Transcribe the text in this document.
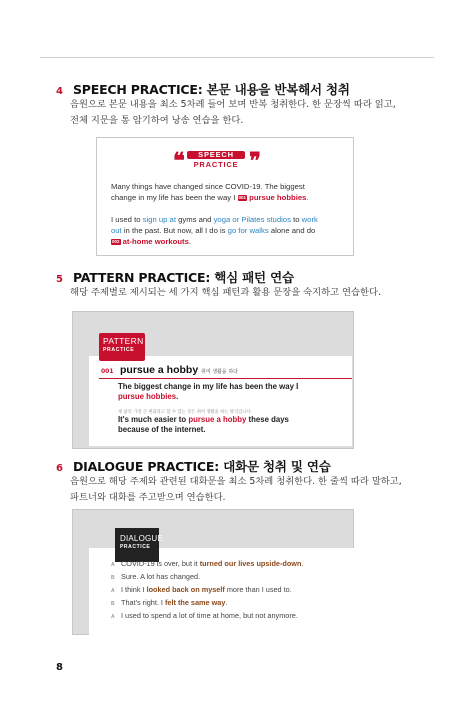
4 SPEECH PRACTICE: 본문 내용을 반복해서 청취
음원으로 본문 내용을 최소 5차례 들어 보며 반복 청취한다. 한 문장씩 따라 읽고, 전체 지문을 통 암기하여 낭송 연습을 한다.
❝	SPEECH
PRACTICE ❞
Many things have changed since COVID-19. The biggest change in my life has been the way I 001 pursue hobbies.
I used to sign up at gyms and yoga or Pilates studios to work out in the past. But now, all I do is go for walks alone and do 002 at-home workouts.
5 PATTERN PRACTICE: 핵심 패턴 연습
해당 주제별로 제시되는 세 가지 핵심 패턴과 활용 문장을 숙지하고 연습한다.
PATTERN
PRACTICE
001 pursue a hobby 취미 생활을 하다
The biggest change in my life has been the way I pursue hobbies.
제 삶의 가장 큰 변화라고 할 수 있는 것은 취미 생활을 하는 방식입니다.
It's much easier to pursue a hobby these days because of the internet.
6 DIALOGUE PRACTICE: 대화문 청취 및 연습
음원으로 해당 주제와 관련된 대화문을 최소 5차례 청취한다. 한 줄씩 따라 말하고, 파트너와 대화를 주고받으며 연습한다.
DIALOGUE
PRACTICE
A COVID-19 is over, but it turned our lives upside-down.
B Sure. A lot has changed.
A I think I looked back on myself more than I used to.
B That's right. I felt the same way.
A I used to spend a lot of time at home, but not anymore.
8
